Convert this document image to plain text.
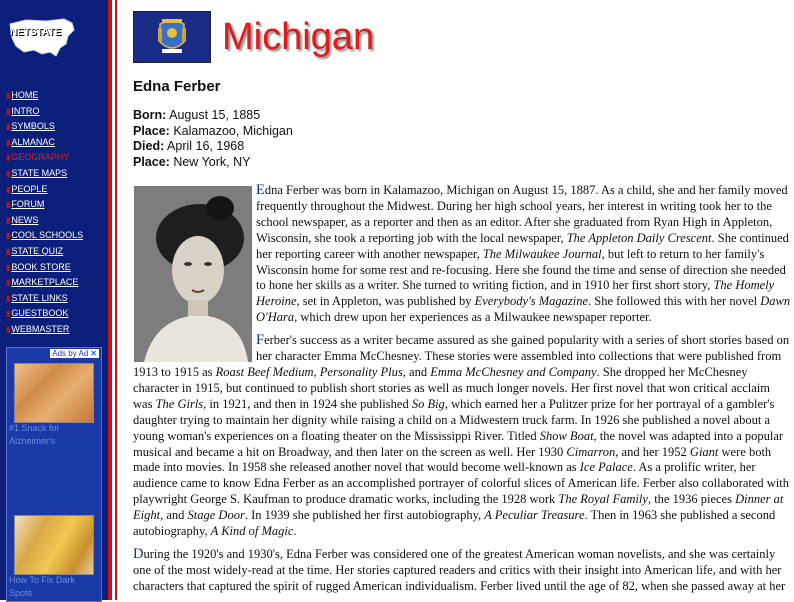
NETSTATE
▮HOME
▮INTRO
▮SYMBOLS
▮ALMANAC
▮GEOGRAPHY
▮STATE MAPS
▮PEOPLE
▮FORUM
▮NEWS
▮COOL SCHOOLS
▮STATE QUIZ
▮BOOK STORE
▮MARKETPLACE
▮STATE LINKS
▮GUESTBOOK
▮WEBMASTER
Ads by Ad ✕
#1 Snack for Alzheimer's
How To Fix Dark Spots
Michigan
Edna Ferber
Born: August 15, 1885
Place: Kalamazoo, Michigan
Died: April 16, 1968
Place: New York, NY

Edna Ferber was born in Kalamazoo, Michigan on August 15, 1887. As a child, she and her family moved frequently throughout the Midwest. During her high school years, her interest in writing took her to the school newspaper, as a reporter and then as an editor. After she graduated from Ryan High in Appleton, Wisconsin, she took a reporting job with the local newspaper, The Appleton Daily Crescent. She continued her reporting career with another newspaper, The Milwaukee Journal, but left to return to her family's Wisconsin home for some rest and re-focusing. Here she found the time and sense of direction she needed to hone her skills as a writer. She turned to writing fiction, and in 1910 her first short story, The Homely Heroine, set in Appleton, was published by Everybody's Magazine. She followed this with her novel Dawn O'Hara, which drew upon her experiences as a Milwaukee newspaper reporter.

Ferber's success as a writer became assured as she gained popularity with a series of short stories based on her character Emma McChesney. These stories were assembled into collections that were published from 1913 to 1915 as Roast Beef Medium, Personality Plus, and Emma McChesney and Company. She dropped her McChesney character in 1915, but continued to publish short stories as well as much longer novels. Her first novel that won critical acclaim was The Girls, in 1921, and then in 1924 she published So Big, which earned her a Pulitzer prize for her portrayal of a gambler's daughter trying to maintain her dignity while raising a child on a Midwestern truck farm. In 1926 she published a novel about a young woman's experiences on a floating theater on the Mississippi River. Titled Show Boat, the novel was adapted into a popular musical and became a hit on Broadway, and then later on the screen as well. Her 1930 Cimarron, and her 1952 Giant were both made into movies. In 1958 she released another novel that would become well-known as Ice Palace. As a prolific writer, her audience came to know Edna Ferber as an accomplished portrayer of colorful slices of American life. Ferber also collaborated with playwright George S. Kaufman to produce dramatic works, including the 1928 work The Royal Family, the 1936 pieces Dinner at Eight, and Stage Door. In 1939 she published her first autobiography, A Peculiar Treasure. Then in 1963 she published a second autobiography, A Kind of Magic.

During the 1920's and 1930's, Edna Ferber was considered one of the greatest American woman novelists, and she was certainly one of the most widely-read at the time. Her stories captured readers and critics with their insight into American life, and with her characters that captured the spirit of rugged American individualism. Ferber lived until the age of 82, when she passed away at her
